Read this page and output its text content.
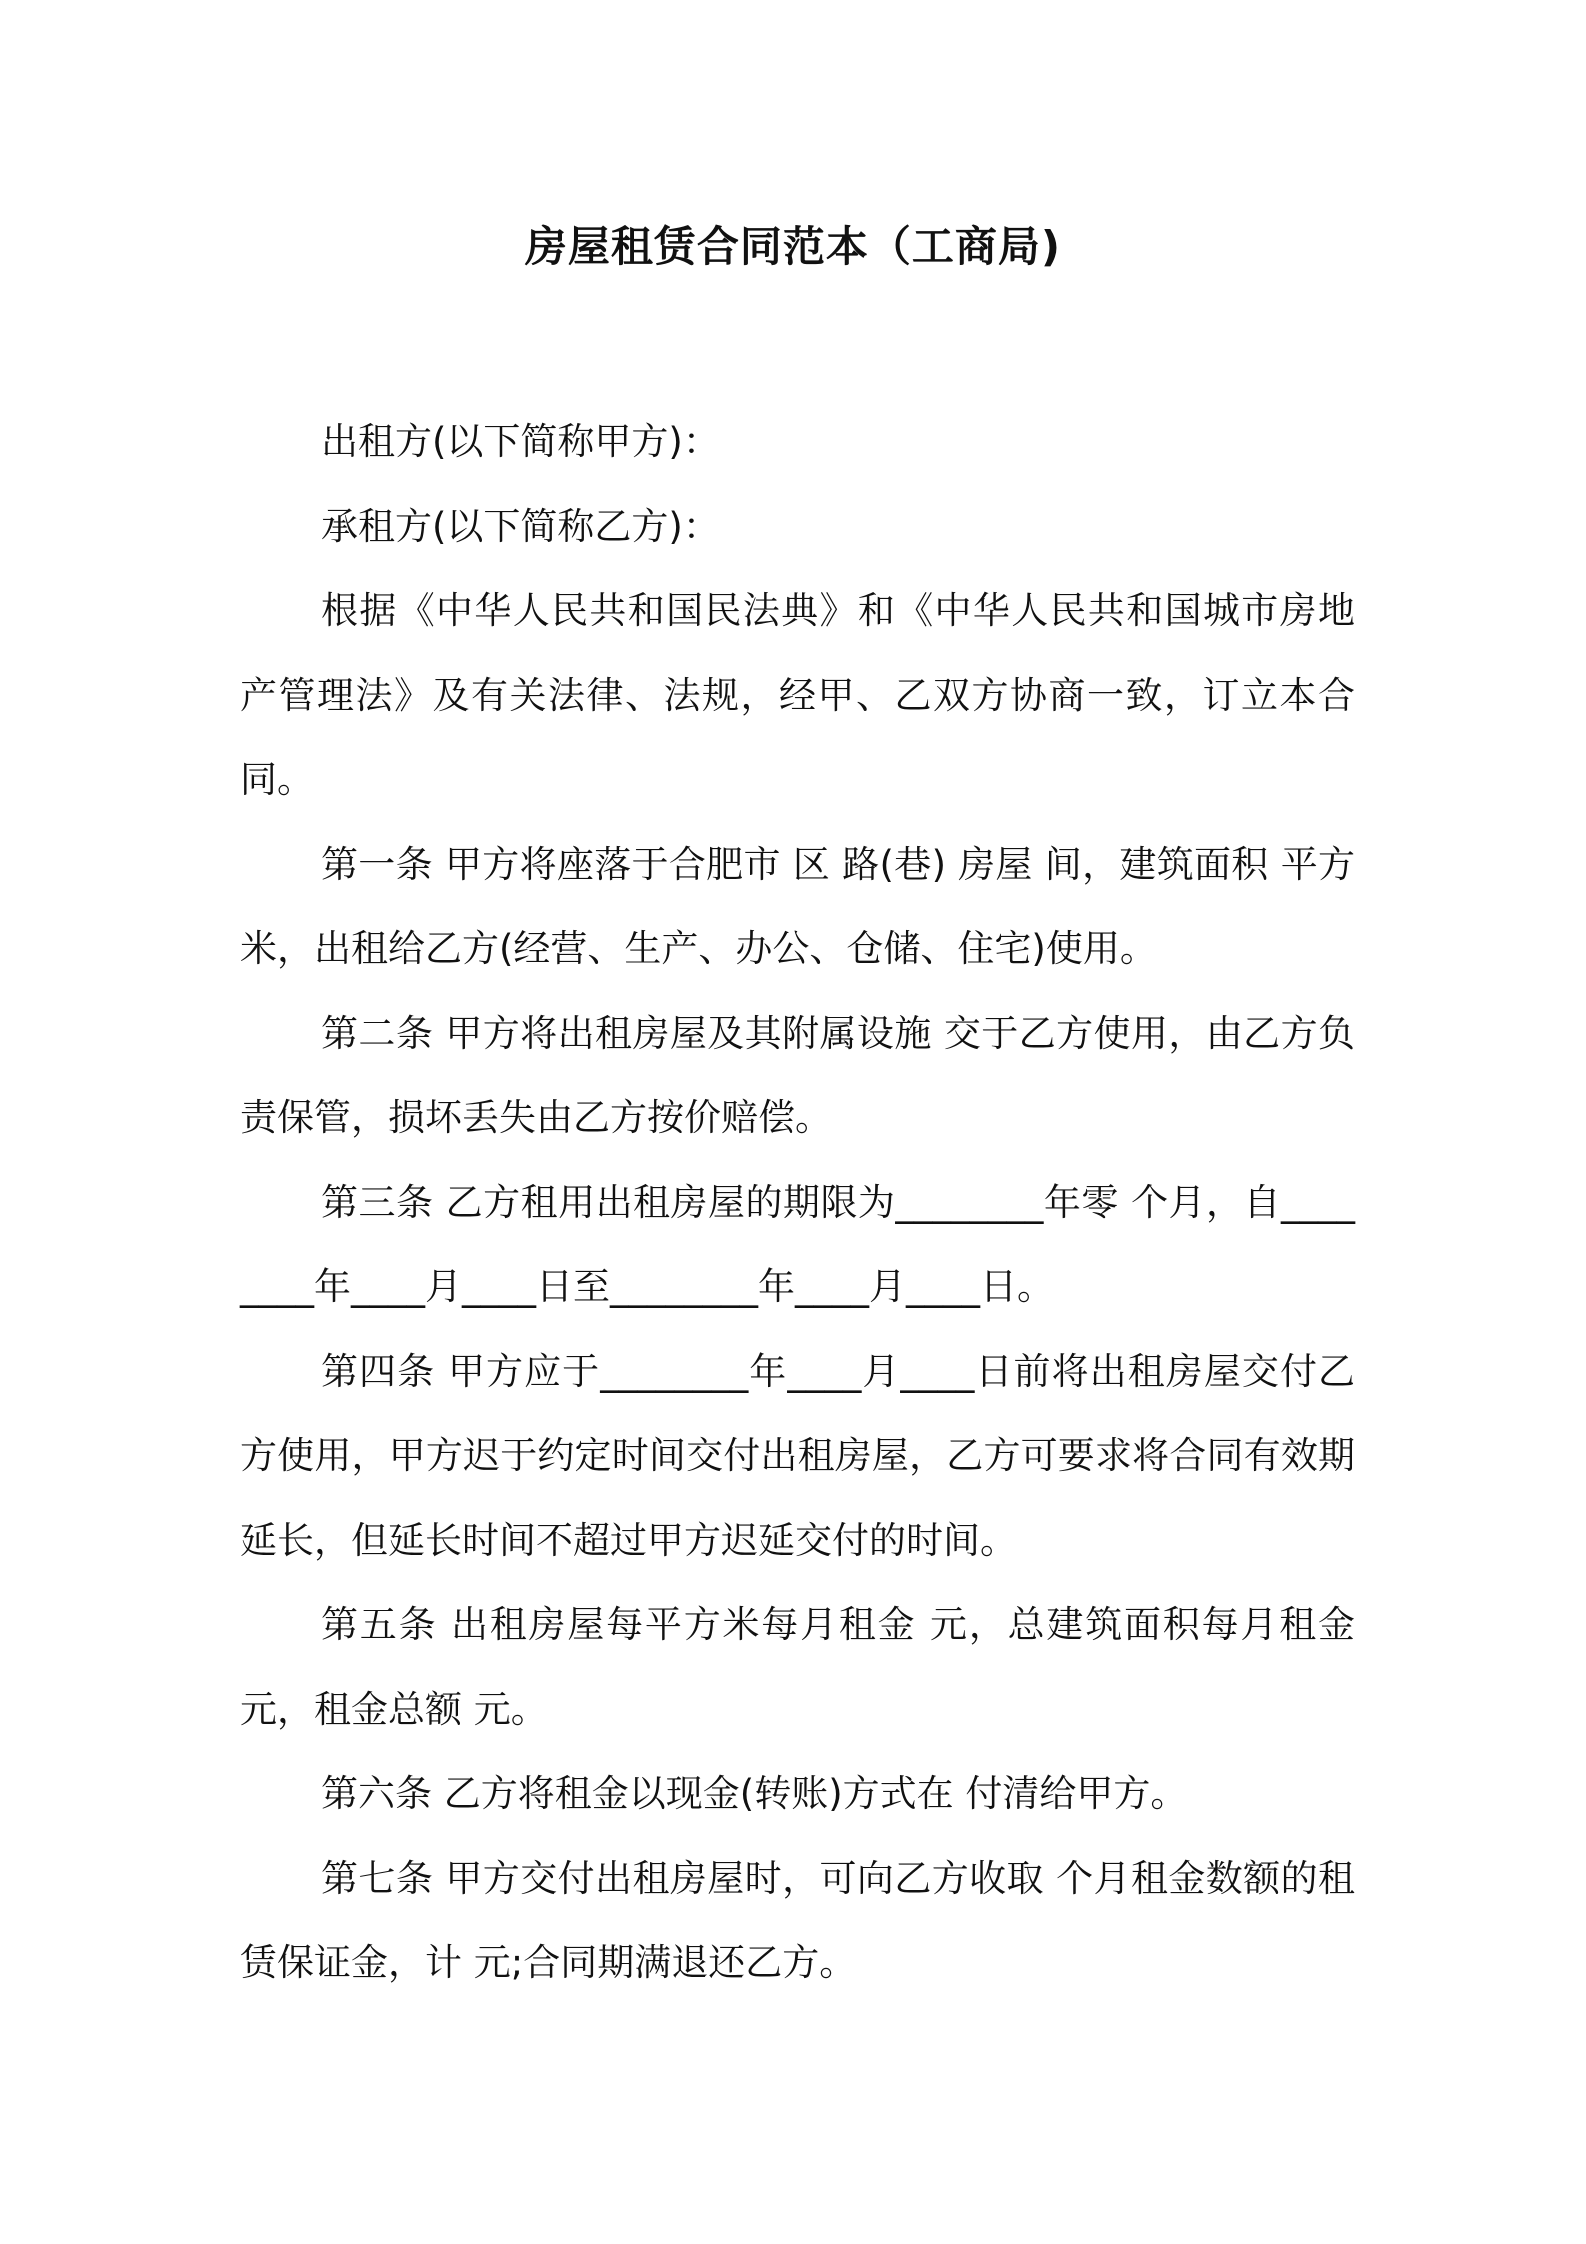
房屋租赁合同范本（工商局)

出租方(以下简称甲方)：

承租方(以下简称乙方)：

根据《中华人民共和国民法典》和《中华人民共和国城市房地产管理法》及有关法律、法规，经甲、乙双方协商一致，订立本合同。

第一条 甲方将座落于合肥市 区 路(巷) 房屋 间，建筑面积 平方米，出租给乙方(经营、生产、办公、仓储、住宅)使用。

第二条 甲方将出租房屋及其附属设施 交于乙方使用，由乙方负责保管，损坏丢失由乙方按价赔偿。

第三条 乙方租用出租房屋的期限为________年零 个月，自________年____月____日至________年____月____日。

第四条 甲方应于________年____月____日前将出租房屋交付乙方使用，甲方迟于约定时间交付出租房屋，乙方可要求将合同有效期延长，但延长时间不超过甲方迟延交付的时间。

第五条 出租房屋每平方米每月租金 元，总建筑面积每月租金 元，租金总额 元。

第六条 乙方将租金以现金(转账)方式在 付清给甲方。

第七条 甲方交付出租房屋时，可向乙方收取 个月租金数额的租赁保证金，计 元;合同期满退还乙方。
